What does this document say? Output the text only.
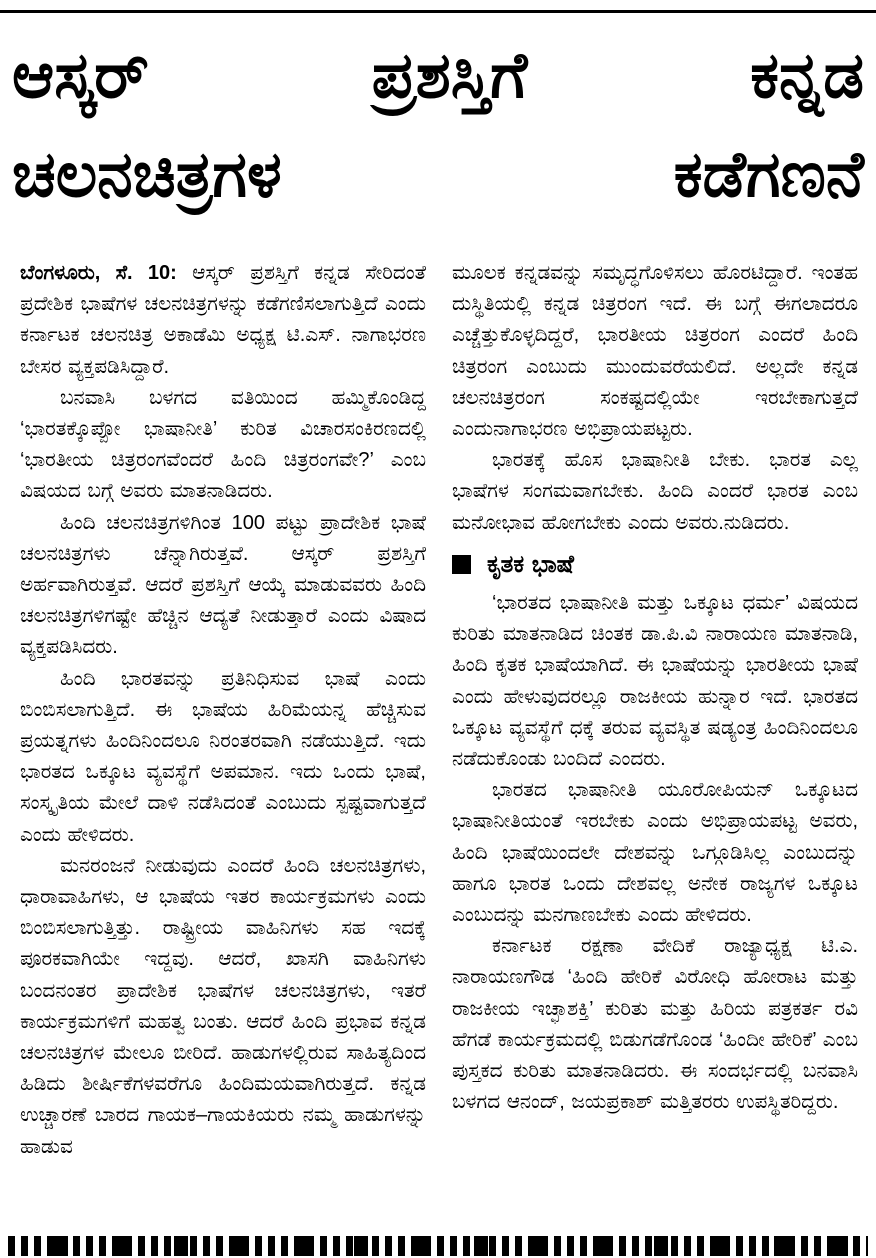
ಆಸ್ಕರ್	ಪ್ರಶಸ್ತಿಗೆ	ಕನ್ನಡ
ಚಲನಚಿತ್ರಗಳ	ಕಡೆಗಣನೆ

ಬೆಂಗಳೂರು, ಸೆ. 10: ಆಸ್ಕರ್ ಪ್ರಶಸ್ತಿಗೆ ಕನ್ನಡ ಸೇರಿದಂತೆ ಪ್ರದೇಶಿಕ ಭಾಷೆಗಳ ಚಲನಚಿತ್ರಗಳನ್ನು ಕಡೆಗಣಿಸಲಾಗುತ್ತಿದೆ ಎಂದು ಕರ್ನಾಟಕ ಚಲನಚಿತ್ರ ಅಕಾಡೆಮಿ ಅಧ್ಯಕ್ಷ ಟಿ.ಎಸ್. ನಾಗಾಭರಣ ಬೇಸರ ವ್ಯಕ್ತಪಡಿಸಿದ್ದಾರೆ.

ಬನವಾಸಿ ಬಳಗದ ವತಿಯಿಂದ ಹಮ್ಮಿಕೊಂಡಿದ್ದ ‘ಭಾರತಕ್ಕೊಪ್ಪೋ ಭಾಷಾನೀತಿ’ ಕುರಿತ ವಿಚಾರಸಂಕಿರಣದಲ್ಲಿ ‘ಭಾರತೀಯ ಚಿತ್ರರಂಗವೆಂದರೆ ಹಿಂದಿ ಚಿತ್ರರಂಗವೇ?’ ಎಂಬ ವಿಷಯದ ಬಗ್ಗೆ ಅವರು ಮಾತನಾಡಿದರು.

ಹಿಂದಿ ಚಲನಚಿತ್ರಗಳಿಗಿಂತ 100 ಪಟ್ಟು ಪ್ರಾದೇಶಿಕ ಭಾಷೆ ಚಲನಚಿತ್ರಗಳು ಚೆನ್ನಾಗಿರುತ್ತವೆ. ಆಸ್ಕರ್ ಪ್ರಶಸ್ತಿಗೆ ಅರ್ಹವಾಗಿರುತ್ತವೆ. ಆದರೆ ಪ್ರಶಸ್ತಿಗೆ ಆಯ್ಕೆ ಮಾಡುವವರು ಹಿಂದಿ ಚಲನಚಿತ್ರಗಳಿಗಷ್ಟೇ ಹೆಚ್ಚಿನ ಆದ್ಯತೆ ನೀಡುತ್ತಾರೆ ಎಂದು ವಿಷಾದ ವ್ಯಕ್ತಪಡಿಸಿದರು.

ಹಿಂದಿ ಭಾರತವನ್ನು ಪ್ರತಿನಿಧಿಸುವ ಭಾಷೆ ಎಂದು ಬಿಂಬಿಸಲಾಗುತ್ತಿದೆ. ಈ ಭಾಷೆಯ ಹಿರಿಮೆಯನ್ನ ಹೆಚ್ಚಿಸುವ ಪ್ರಯತ್ನಗಳು ಹಿಂದಿನಿಂದಲೂ ನಿರಂತರವಾಗಿ ನಡೆಯುತ್ತಿದೆ. ಇದು ಭಾರತದ ಒಕ್ಕೂಟ ವ್ಯವಸ್ಥೆಗೆ ಅಪಮಾನ. ಇದು ಒಂದು ಭಾಷೆ, ಸಂಸ್ಕೃತಿಯ ಮೇಲೆ ದಾಳಿ ನಡೆಸಿದಂತೆ ಎಂಬುದು ಸ್ಪಷ್ಟವಾಗುತ್ತದೆ ಎಂದು ಹೇಳಿದರು.

ಮನರಂಜನೆ ನೀಡುವುದು ಎಂದರೆ ಹಿಂದಿ ಚಲನಚಿತ್ರಗಳು, ಧಾರಾವಾಹಿಗಳು, ಆ ಭಾಷೆಯ ಇತರ ಕಾರ್ಯಕ್ರಮಗಳು ಎಂದು ಬಿಂಬಿಸಲಾಗುತ್ತಿತ್ತು. ರಾಷ್ಟ್ರೀಯ ವಾಹಿನಿಗಳು ಸಹ ಇದಕ್ಕೆ ಪೂರಕವಾಗಿಯೇ ಇದ್ದವು. ಆದರೆ, ಖಾಸಗಿ ವಾಹಿನಿಗಳು ಬಂದನಂತರ ಪ್ರಾದೇಶಿಕ ಭಾಷೆಗಳ ಚಲನಚಿತ್ರಗಳು, ಇತರೆ ಕಾರ್ಯಕ್ರಮಗಳಿಗೆ ಮಹತ್ವ ಬಂತು. ಆದರೆ ಹಿಂದಿ ಪ್ರಭಾವ ಕನ್ನಡ ಚಲನಚಿತ್ರಗಳ ಮೇಲೂ ಬೀರಿದೆ. ಹಾಡುಗಳಲ್ಲಿರುವ ಸಾಹಿತ್ಯದಿಂದ ಹಿಡಿದು ಶೀರ್ಷಿಕೆಗಳವರೆಗೂ ಹಿಂದಿಮಯವಾಗಿರುತ್ತದೆ. ಕನ್ನಡ ಉಚ್ಚಾರಣೆ ಬಾರದ ಗಾಯಕ–ಗಾಯಕಿಯರು ನಮ್ಮ ಹಾಡುಗಳನ್ನು ಹಾಡುವ

ಮೂಲಕ ಕನ್ನಡವನ್ನು ಸಮೃದ್ಧಗೊಳಿಸಲು ಹೊರಟಿದ್ದಾರೆ. ಇಂತಹ ದುಸ್ಥಿತಿಯಲ್ಲಿ ಕನ್ನಡ ಚಿತ್ರರಂಗ ಇದೆ. ಈ ಬಗ್ಗೆ ಈಗಲಾದರೂ ಎಚ್ಚೆತ್ತುಕೊಳ್ಳದಿದ್ದರೆ, ಭಾರತೀಯ ಚಿತ್ರರಂಗ ಎಂದರೆ ಹಿಂದಿ ಚಿತ್ರರಂಗ ಎಂಬುದು ಮುಂದುವರೆಯಲಿದೆ. ಅಲ್ಲದೇ ಕನ್ನಡ ಚಲನಚಿತ್ರರಂಗ ಸಂಕಷ್ಟದಲ್ಲಿಯೇ ಇರಬೇಕಾಗುತ್ತದೆ ಎಂದುನಾಗಾಭರಣ ಅಭಿಪ್ರಾಯಪಟ್ಟರು.

ಭಾರತಕ್ಕೆ ಹೊಸ ಭಾಷಾನೀತಿ ಬೇಕು. ಭಾರತ ಎಲ್ಲ ಭಾಷೆಗಳ ಸಂಗಮವಾಗಬೇಕು. ಹಿಂದಿ ಎಂದರೆ ಭಾರತ ಎಂಬ ಮನೋಭಾವ ಹೋಗಬೇಕು ಎಂದು ಅವರು.ನುಡಿದರು.

ಕೃತಕ ಭಾಷೆ

‘ಭಾರತದ ಭಾಷಾನೀತಿ ಮತ್ತು ಒಕ್ಕೂಟ ಧರ್ಮ’ ವಿಷಯದ ಕುರಿತು ಮಾತನಾಡಿದ ಚಿಂತಕ ಡಾ.ಪಿ.ವಿ ನಾರಾಯಣ ಮಾತನಾಡಿ, ಹಿಂದಿ ಕೃತಕ ಭಾಷೆಯಾಗಿದೆ. ಈ ಭಾಷೆಯನ್ನು ಭಾರತೀಯ ಭಾಷೆ ಎಂದು ಹೇಳುವುದರಲ್ಲೂ ರಾಜಕೀಯ ಹುನ್ನಾರ ಇದೆ. ಭಾರತದ ಒಕ್ಕೂಟ ವ್ಯವಸ್ಥೆಗೆ ಧಕ್ಕೆ ತರುವ ವ್ಯವಸ್ಥಿತ ಷಡ್ಯಂತ್ರ ಹಿಂದಿನಿಂದಲೂ ನಡೆದುಕೊಂಡು ಬಂದಿದೆ ಎಂದರು.

ಭಾರತದ ಭಾಷಾನೀತಿ ಯೂರೋಪಿಯನ್ ಒಕ್ಕೂಟದ ಭಾಷಾನೀತಿಯಂತೆ ಇರಬೇಕು ಎಂದು ಅಭಿಪ್ರಾಯಪಟ್ಟ ಅವರು, ಹಿಂದಿ ಭಾಷೆಯಿಂದಲೇ ದೇಶವನ್ನು ಒಗ್ಗೂಡಿಸಿಲ್ಲ ಎಂಬುದನ್ನು ಹಾಗೂ ಭಾರತ ಒಂದು ದೇಶವಲ್ಲ ಅನೇಕ ರಾಜ್ಯಗಳ ಒಕ್ಕೂಟ ಎಂಬುದನ್ನು ಮನಗಾಣಬೇಕು ಎಂದು ಹೇಳಿದರು.

ಕರ್ನಾಟಕ ರಕ್ಷಣಾ ವೇದಿಕೆ ರಾಜ್ಯಾಧ್ಯಕ್ಷ ಟಿ.ಎ. ನಾರಾಯಣಗೌಡ ‘ಹಿಂದಿ ಹೇರಿಕೆ ವಿರೋಧಿ ಹೋರಾಟ ಮತ್ತು ರಾಜಕೀಯ ಇಚ್ಛಾಶಕ್ತಿ’ ಕುರಿತು ಮತ್ತು ಹಿರಿಯ ಪತ್ರಕರ್ತ ರವಿ ಹೆಗಡೆ ಕಾರ್ಯಕ್ರಮದಲ್ಲಿ ಬಿಡುಗಡೆಗೊಂಡ ‘ಹಿಂದೀ ಹೇರಿಕೆ’ ಎಂಬ ಪುಸ್ತಕದ ಕುರಿತು ಮಾತನಾಡಿದರು. ಈ ಸಂದರ್ಭದಲ್ಲಿ ಬನವಾಸಿ ಬಳಗದ ಆನಂದ್, ಜಯಪ್ರಕಾಶ್ ಮತ್ತಿತರರು ಉಪಸ್ಥಿತರಿದ್ದರು.
